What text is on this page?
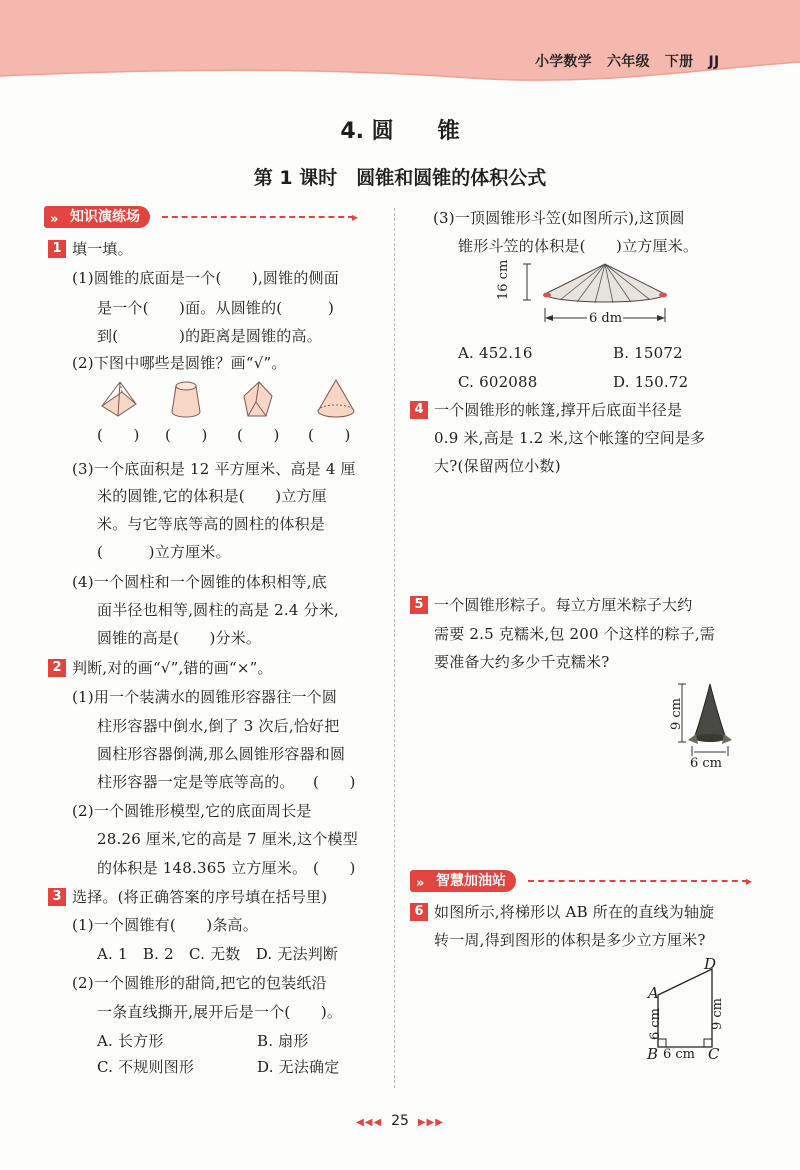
小学数学 六年级 下册 JJ
4. 圆　　锥
第 1 课时　圆锥和圆锥的体积公式
» 知识演练场	▸
1 填一填。
(1)圆锥的底面是一个(　　),圆锥的侧面
是一个(　　)面。从圆锥的(　　　)
到(　　　　)的距离是圆锥的高。
(2)下图中哪些是圆锥？画“√”。
(　　) (　　) (　　) (　　)
(3)一个底面积是 12 平方厘米、高是 4 厘
米的圆锥,它的体积是(　　)立方厘
米。与它等底等高的圆柱的体积是
(　　　)立方厘米。
(4)一个圆柱和一个圆锥的体积相等,底
面半径也相等,圆柱的高是 2.4 分米,
圆锥的高是(　　)分米。
2 判断,对的画“√”,错的画“×”。
(1)用一个装满水的圆锥形容器往一个圆
柱形容器中倒水,倒了 3 次后,恰好把
圆柱形容器倒满,那么圆锥形容器和圆
柱形容器一定是等底等高的。 (　　)
(2)一个圆锥形模型,它的底面周长是
28.26 厘米,它的高是 7 厘米,这个模型
的体积是 148.365 立方厘米。 (　　)
3 选择。(将正确答案的序号填在括号里)
(1)一个圆锥有(　　)条高。
A. 1　B. 2　C. 无数　D. 无法判断
(2)一个圆锥形的甜筒,把它的包装纸沿
一条直线撕开,展开后是一个(　　)。
A. 长方形	B. 扇形
C. 不规则图形	D. 无法确定
(3)一顶圆锥形斗笠(如图所示),这顶圆
锥形斗笠的体积是(　　)立方厘米。
16 cm
6 dm
A. 452.16	B. 15072
C. 602088	D. 150.72
4 一个圆锥形的帐篷,撑开后底面半径是
0.9 米,高是 1.2 米,这个帐篷的空间是多
大?(保留两位小数)
5 一个圆锥形粽子。每立方厘米粽子大约
需要 2.5 克糯米,包 200 个这样的粽子,需
要准备大约多少千克糯米?
9 cm
6 cm
» 智慧加油站	▸
6 如图所示,将梯形以 AB 所在的直线为轴旋
转一周,得到图形的体积是多少立方厘米?
A
B	C
D
6 cm
6 cm
9 cm
◀◀◀ 25 ▶▶▶
